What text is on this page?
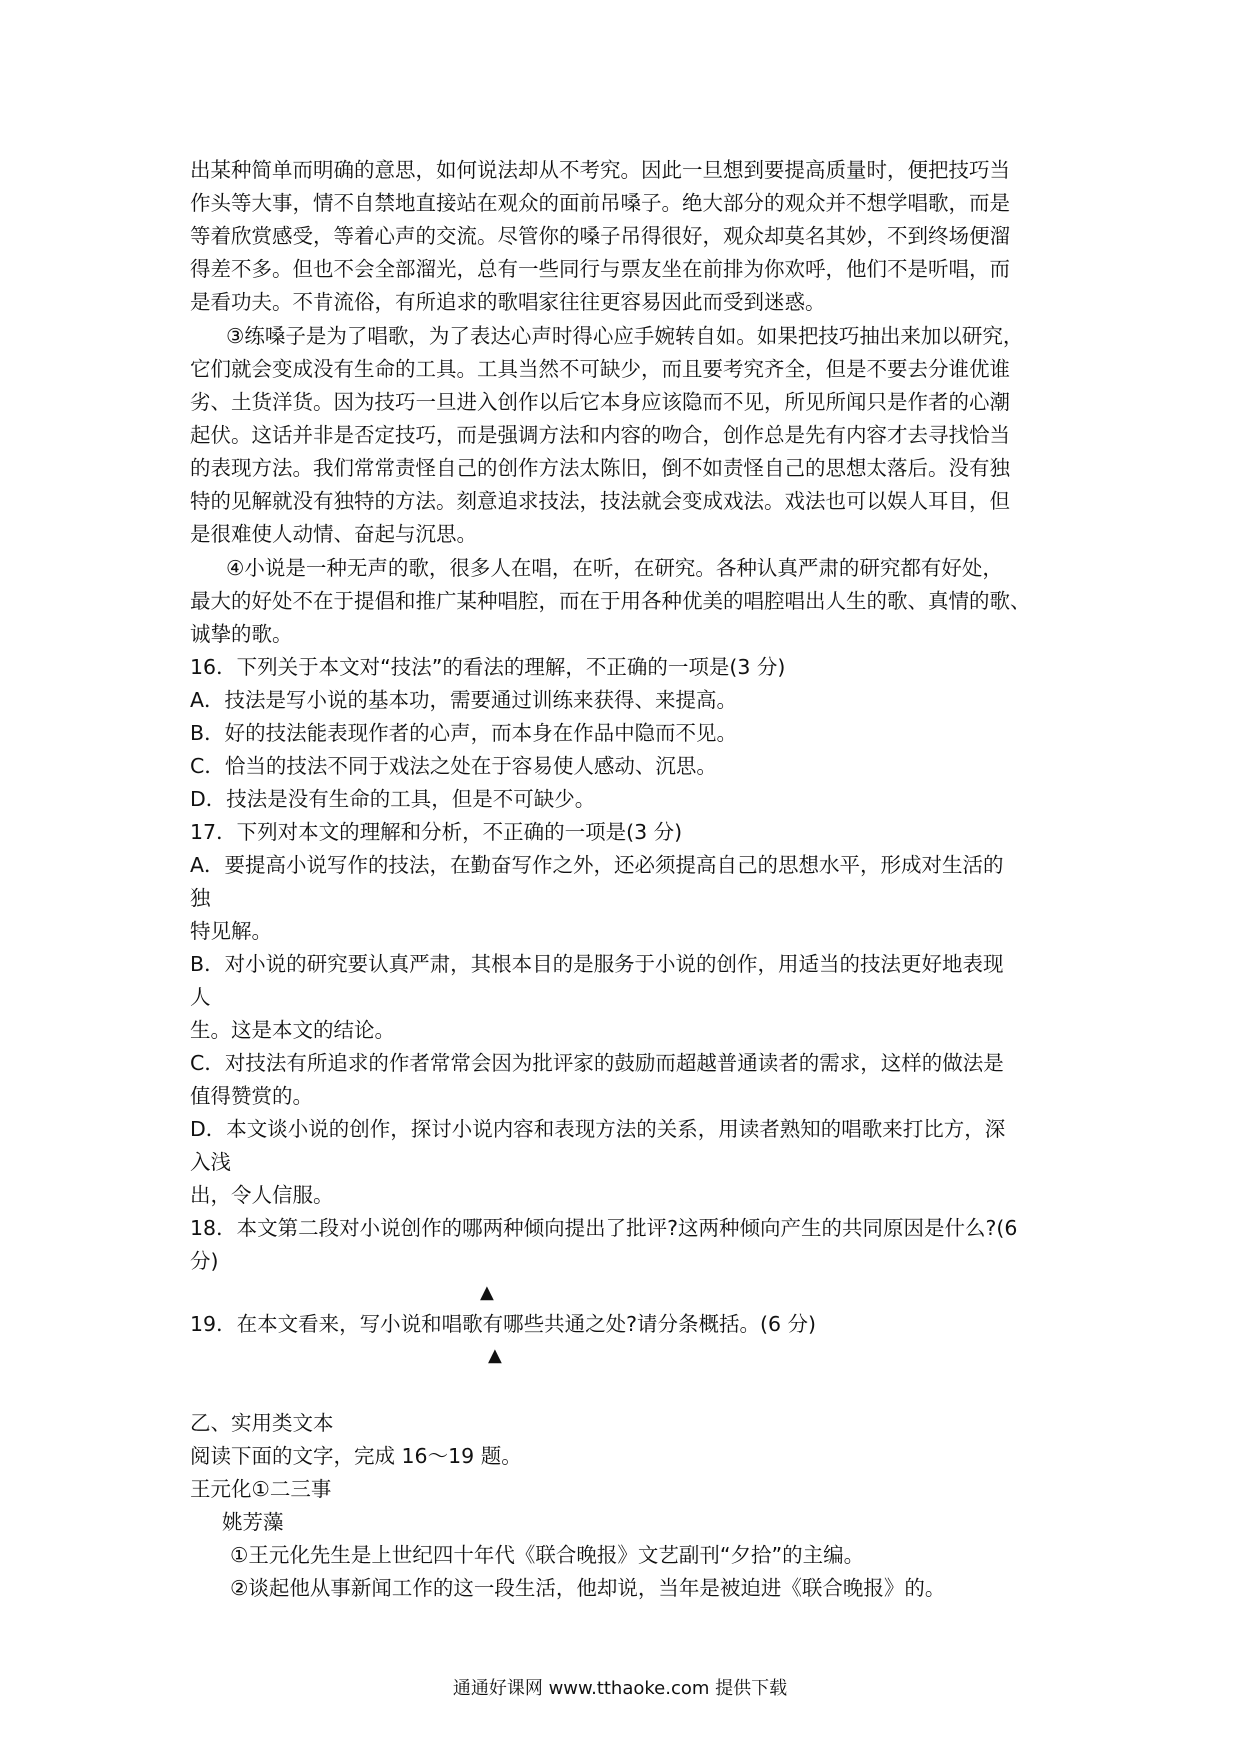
出某种简单而明确的意思，如何说法却从不考究。因此一旦想到要提高质量时，便把技巧当
作头等大事，情不自禁地直接站在观众的面前吊嗓子。绝大部分的观众并不想学唱歌，而是
等着欣赏感受，等着心声的交流。尽管你的嗓子吊得很好，观众却莫名其妙，不到终场便溜
得差不多。但也不会全部溜光，总有一些同行与票友坐在前排为你欢呼，他们不是听唱，而
是看功夫。不肯流俗，有所追求的歌唱家往往更容易因此而受到迷惑。
③练嗓子是为了唱歌，为了表达心声时得心应手婉转自如。如果把技巧抽出来加以研究，
它们就会变成没有生命的工具。工具当然不可缺少，而且要考究齐全，但是不要去分谁优谁
劣、土货洋货。因为技巧一旦进入创作以后它本身应该隐而不见，所见所闻只是作者的心潮
起伏。这话并非是否定技巧，而是强调方法和内容的吻合，创作总是先有内容才去寻找恰当
的表现方法。我们常常责怪自己的创作方法太陈旧，倒不如责怪自己的思想太落后。没有独
特的见解就没有独特的方法。刻意追求技法，技法就会变成戏法。戏法也可以娱人耳目，但
是很难使人动情、奋起与沉思。
④小说是一种无声的歌，很多人在唱，在听，在研究。各种认真严肃的研究都有好处，
最大的好处不在于提倡和推广某种唱腔，而在于用各种优美的唱腔唱出人生的歌、真情的歌、
诚挚的歌。
16．下列关于本文对“技法”的看法的理解，不正确的一项是(3 分)
A．技法是写小说的基本功，需要通过训练来获得、来提高。
B．好的技法能表现作者的心声，而本身在作品中隐而不见。
C．恰当的技法不同于戏法之处在于容易使人感动、沉思。
D．技法是没有生命的工具，但是不可缺少。
17．下列对本文的理解和分析，不正确的一项是(3 分)
A．要提高小说写作的技法，在勤奋写作之外，还必须提高自己的思想水平，形成对生活的
独
特见解。
B．对小说的研究要认真严肃，其根本目的是服务于小说的创作，用适当的技法更好地表现
人
生。这是本文的结论。
C．对技法有所追求的作者常常会因为批评家的鼓励而超越普通读者的需求，这样的做法是
值得赞赏的。
D．本文谈小说的创作，探讨小说内容和表现方法的关系，用读者熟知的唱歌来打比方，深
入浅
出，令人信服。
18．本文第二段对小说创作的哪两种倾向提出了批评?这两种倾向产生的共同原因是什么?(6
分)
▲
19．在本文看来，写小说和唱歌有哪些共通之处?请分条概括。(6 分)
▲
乙、实用类文本
阅读下面的文字，完成 16～19 题。
王元化①二三事
姚芳藻
①王元化先生是上世纪四十年代《联合晚报》文艺副刊“夕拾”的主编。
②谈起他从事新闻工作的这一段生活，他却说，当年是被迫进《联合晚报》的。
通通好课网 www.tthaoke.com 提供下载
